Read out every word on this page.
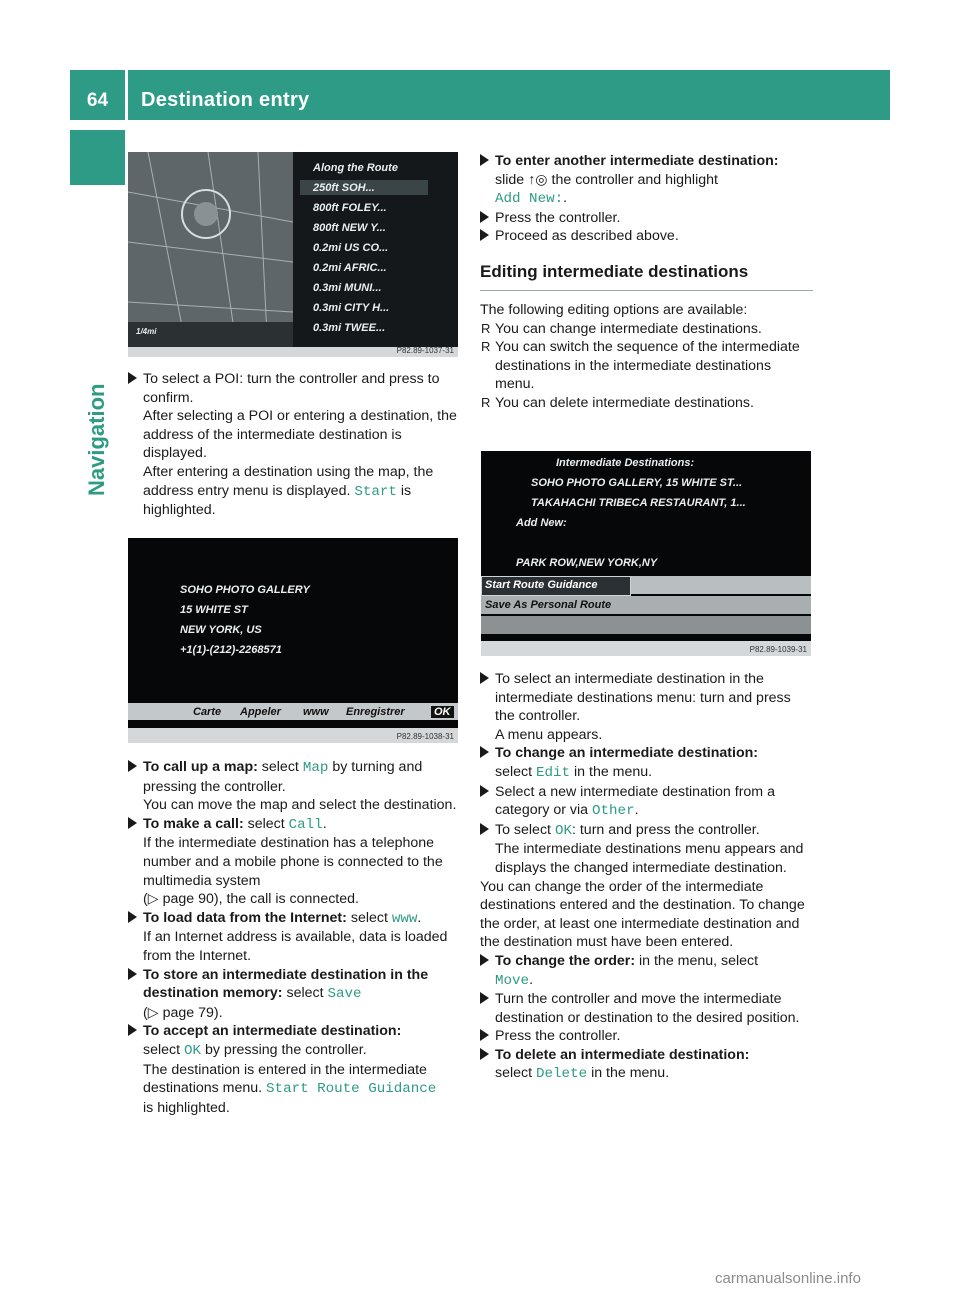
64	Destination entry
Navigation
Along the Route
250ft SOH...
800ft FOLEY...
800ft NEW Y...
0.2mi US CO...
0.2mi AFRIC...
0.3mi MUNI...
0.3mi CITY H...
0.3mi TWEE...
1/4mi
P82.89-1037-31

To select a POI: turn the controller and press to confirm.

After selecting a POI or entering a destination, the address of the intermediate destination is displayed.

After entering a destination using the map, the address entry menu is displayed. Start is highlighted.

SOHO PHOTO GALLERY
15 WHITE ST
NEW YORK, US
+1(1)-(212)-2268571
Carte Appeler www Enregistrer	OK
P82.89-1038-31

To call up a map: select Map by turning and pressing the controller.

You can move the map and select the destination.

To make a call: select Call.

If the intermediate destination has a telephone number and a mobile phone is connected to the multimedia system

(▷ page 90), the call is connected.

To load data from the Internet: select www.

If an Internet address is available, data is loaded from the Internet.

To store an intermediate destination in the destination memory: select Save

(▷ page 79).

To accept an intermediate destination:

select OK by pressing the controller.

The destination is entered in the intermediate destinations menu. Start Route Guidance

is highlighted.

To enter another intermediate destination:

slide ↑◎ the controller and highlight

Add New:.

Press the controller.

Proceed as described above.

Editing intermediate destinations

The following editing options are available:

R You can change intermediate destinations.

R You can switch the sequence of the intermediate destinations in the intermediate destinations menu.

R You can delete intermediate destinations.

Intermediate Destinations:
SOHO PHOTO GALLERY, 15 WHITE ST...
TAKAHACHI TRIBECA RESTAURANT, 1...
Add New:
PARK ROW,NEW YORK,NY
Start Route Guidance
Save As Personal Route
P82.89-1039-31

To select an intermediate destination in the intermediate destinations menu: turn and press the controller.

A menu appears.

To change an intermediate destination:

select Edit in the menu.

Select a new intermediate destination from a category or via Other.

To select OK: turn and press the controller.

The intermediate destinations menu appears and displays the changed intermediate destination.

You can change the order of the intermediate destinations entered and the destination. To change the order, at least one intermediate destination and the destination must have been entered.

To change the order: in the menu, select

Move.

Turn the controller and move the intermediate destination or destination to the desired position.

Press the controller.

To delete an intermediate destination:

select Delete in the menu.

carmanualsonline.info
